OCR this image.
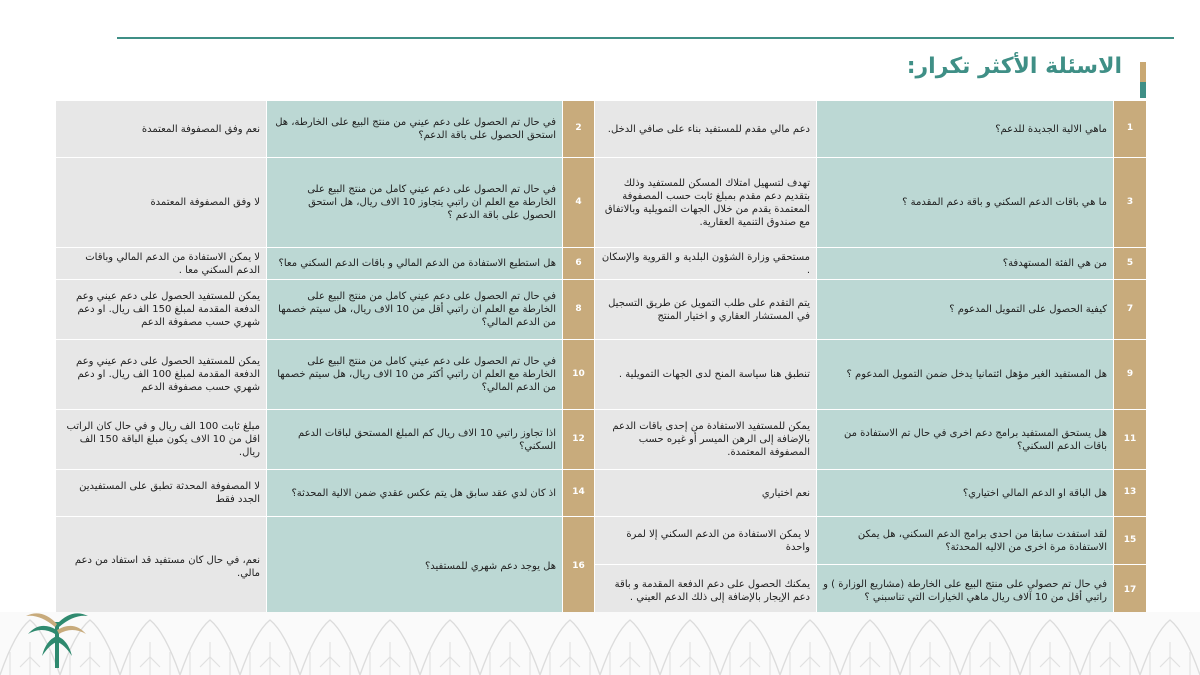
الاسئلة الأكثر تكرار:
نعم وفق المصفوفة المعتمدة	في حال تم الحصول على دعم عيني من منتج البيع على الخارطة، هل استحق الحصول على باقة الدعم؟	2	دعم مالي مقدم للمستفيد بناء على صافي الدخل.	ماهي الالية الجديدة للدعم؟	1
لا وفق المصفوفة المعتمدة	في حال تم الحصول على دعم عيني كامل من منتج البيع على الخارطة مع العلم ان راتبي يتجاوز 10 الاف ريال، هل استحق الحصول على باقة الدعم ؟	4	تهدف لتسهيل امتلاك المسكن للمستفيد وذلك بتقديم دعم مقدم بمبلغ ثابت حسب المصفوفة المعتمدة يقدم من خلال الجهات التمويلية وبالاتفاق مع صندوق التنمية العقارية.	ما هي باقات الدعم السكني و باقة دعم المقدمة ؟	3
لا يمكن الاستفادة من الدعم المالي وباقات الدعم السكني معا .	هل استطيع الاستفادة من الدعم المالي و باقات الدعم السكني معا؟	6	مستحقي وزارة الشؤون البلدية و القروية والإسكان .	من هي الفئة المستهدفة؟	5
يمكن للمستفيد الحصول على دعم عيني وعم الدفعة المقدمة لمبلغ 150 الف ريال. او دعم شهري حسب مصفوفة الدعم	في حال تم الحصول على دعم عيني كامل من منتج البيع على الخارطة مع العلم ان راتبي أقل من 10 الاف ريال، هل سيتم خصمها من الدعم المالي؟	8	يتم التقدم على طلب التمويل عن طريق التسجيل في المستشار العقاري و اختيار المنتج	كيفية الحصول على التمويل المدعوم ؟	7
يمكن للمستفيد الحصول على دعم عيني وعم الدفعة المقدمة لمبلغ 100 الف ريال. او دعم شهري حسب مصفوفة الدعم	في حال تم الحصول على دعم عيني كامل من منتج البيع على الخارطة مع العلم ان راتبي أكثر من 10 الاف ريال، هل سيتم خصمها من الدعم المالي؟	10	تنطبق هنا سياسة المنح لدى الجهات التمويلية .	هل المستفيد الغير مؤهل ائتمانيا يدخل ضمن التمويل المدعوم ؟	9
مبلغ ثابت 100 الف ريال و في حال كان الراتب اقل من 10 الاف يكون مبلغ الباقة 150 الف ريال.	اذا تجاوز راتبي 10 الاف ريال كم المبلغ المستحق لباقات الدعم السكني؟	12	يمكن للمستفيد الاستفادة من إحدى باقات الدعم بالإضافة إلى الرهن الميسر أو غيره حسب المصفوفة المعتمدة.	هل يستحق المستفيد برامج دعم اخرى في حال تم الاستفادة من باقات الدعم السكني؟	11
لا المصفوفة المحدثة تطبق على المستفيدين الجدد فقط	اذ كان لدي عقد سابق هل يتم عكس عقدي ضمن الالية المحدثة؟	14	نعم اختياري	هل الباقة او الدعم المالي اختياري؟	13
نعم، في حال كان مستفيد قد استفاد من دعم مالي.	هل يوجد دعم شهري للمستفيد؟	16	لا يمكن الاستفادة من الدعم السكني إلا لمرة واحدة	لقد استفدت سابقا من احدى برامج الدعم السكني، هل يمكن الاستفادة مرة اخرى من الاليه المحدثة؟	15
			يمكنك الحصول على دعم الدفعة المقدمة و باقة دعم الإيجار بالإضافة إلى ذلك الدعم العيني .	في حال تم حصولي على منتج البيع على الخارطة (مشاريع الوزارة ) و راتبي أقل من 10 آلاف ريال ماهي الخيارات التي تناسبني ؟	17
